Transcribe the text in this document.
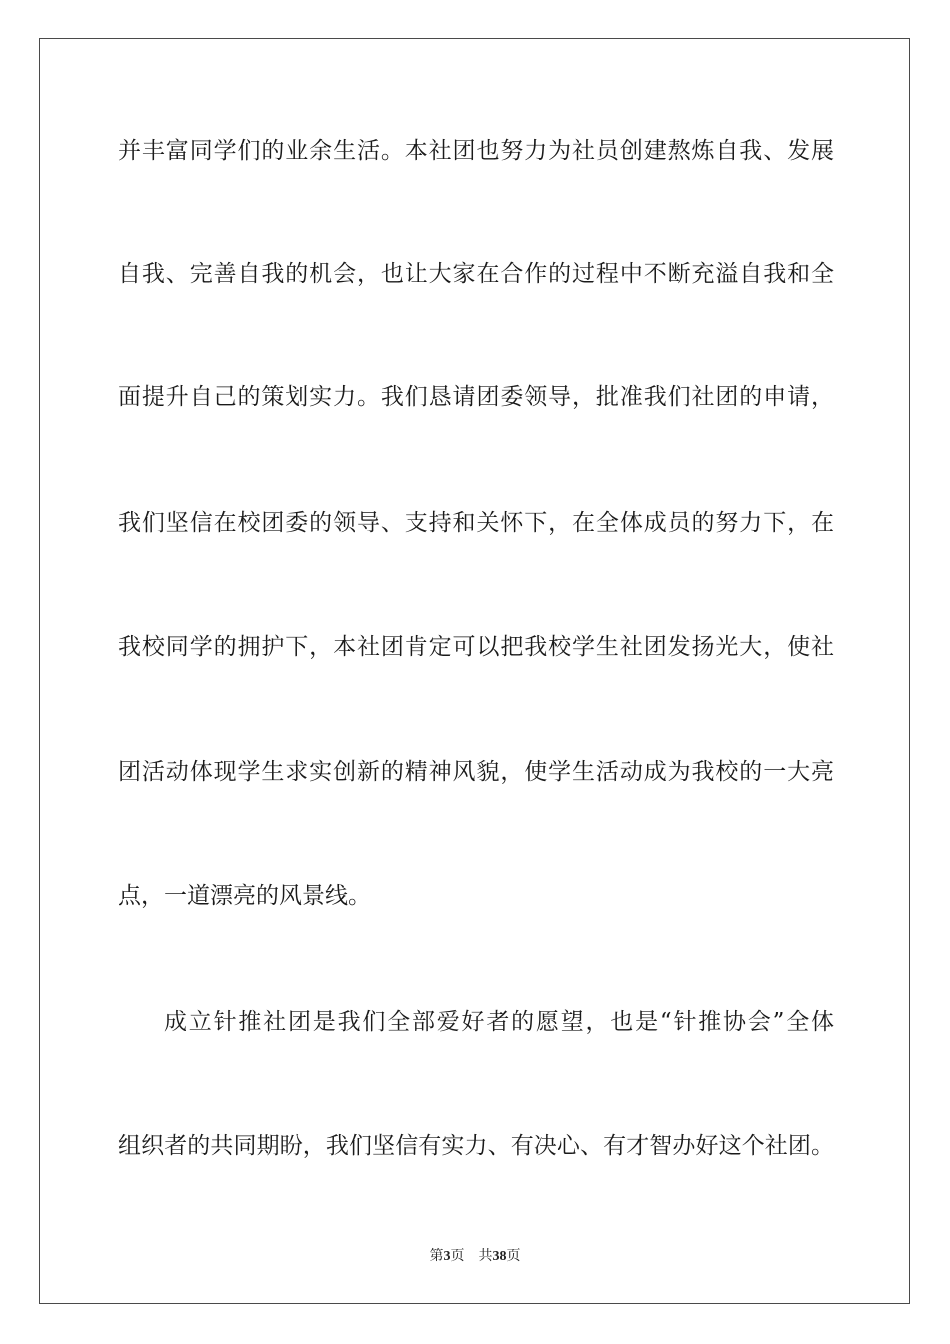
并丰富同学们的业余生活。本社团也努力为社员创建熬炼自我、发展
自我、完善自我的机会，也让大家在合作的过程中不断充溢自我和全
面提升自己的策划实力。我们恳请团委领导，批准我们社团的申请，
我们坚信在校团委的领导、支持和关怀下，在全体成员的努力下，在
我校同学的拥护下，本社团肯定可以把我校学生社团发扬光大，使社
团活动体现学生求实创新的精神风貌，使学生活动成为我校的一大亮
点，一道漂亮的风景线。
成立针推社团是我们全部爱好者的愿望，也是“针推协会”全体
组织者的共同期盼，我们坚信有实力、有决心、有才智办好这个社团。
第3页 共38页
